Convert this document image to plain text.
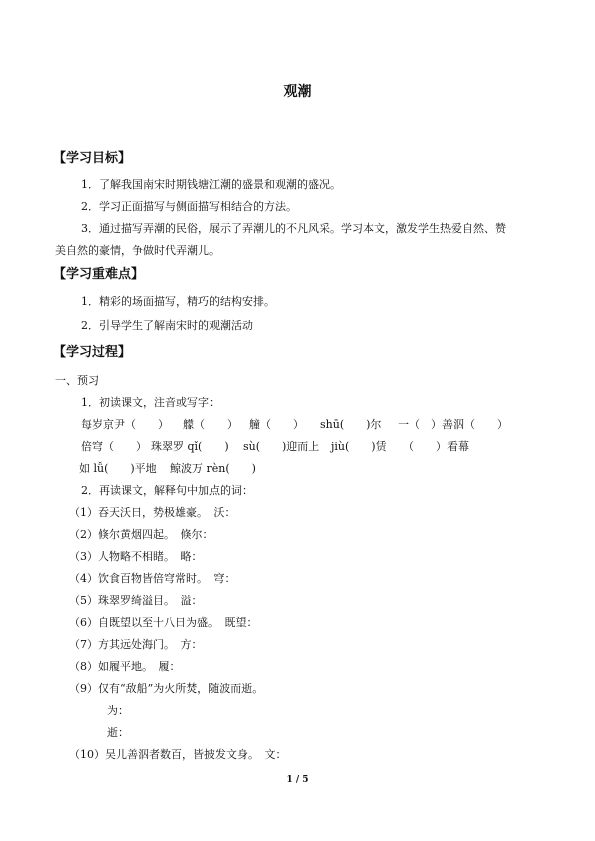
观潮
【学习目标】
1．了解我国南宋时期钱塘江潮的盛景和观潮的盛况。
2．学习正面描写与侧面描写相结合的方法。
3．通过描写弄潮的民俗，展示了弄潮儿的不凡风采。学习本文，激发学生热爱自然、赞
美自然的豪情，争做时代弄潮儿。
【学习重难点】
1．精彩的场面描写，精巧的结构安排。
2．引导学生了解南宋时的观潮活动
【学习过程】
一、预习
1．初读课文，注音或写字：
每岁京尹（　　） 艨（　　） 艟（　　） shū(　　)尔 一（　）善泅（　　）
倍穹（　　） 珠翠罗 qǐ(　　) sù(　　)迎而上 jiù(　　)赁 （　　）看幕
如 lǚ(　　)平地 鲸波万 rèn(　　)
2．再读课文，解释句中加点的词：
（1）吞天沃日，势极雄豪。　沃：
（2）倏尔黄烟四起。　倏尔：
（3）人物略不相睹。　略：
（4）饮食百物皆倍穹常时。　穹：
（5）珠翠罗绮溢目。　溢：
（6）自既望以至十八日为盛。　既望：
（7）方其远处海门。　方：
（8）如履平地。　履：
（9）仅有“敌船”为火所焚，随波而逝。
为：
逝：
（10）吴儿善泅者数百，皆披发文身。　文：
1 / 5
